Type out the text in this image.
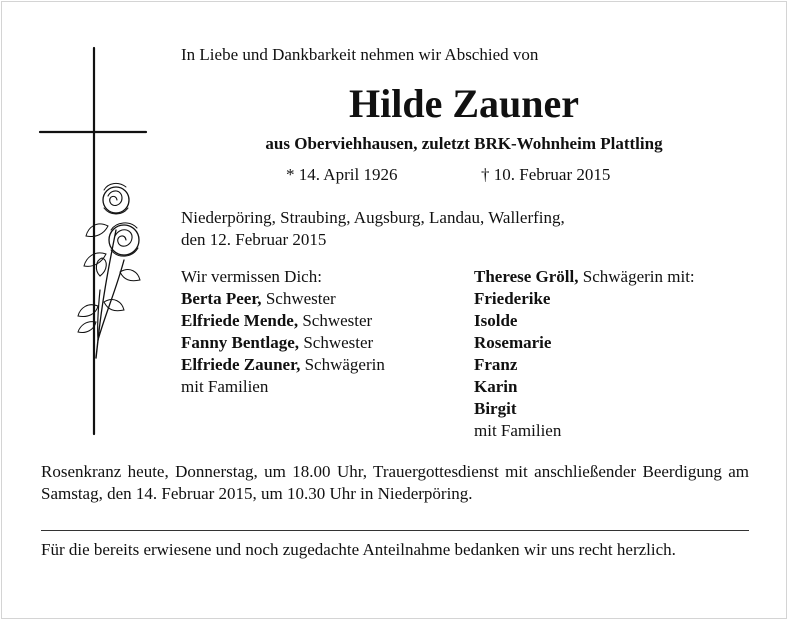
In Liebe und Dankbarkeit nehmen wir Abschied von
Hilde Zauner
aus Oberviehhausen, zuletzt BRK-Wohnheim Plattling
* 14. April 1926	† 10. Februar 2015
Niederpöring, Straubing, Augsburg, Landau, Wallerfing,
den 12. Februar 2015
Wir vermissen Dich:
Berta Peer, Schwester
Elfriede Mende, Schwester
Fanny Bentlage, Schwester
Elfriede Zauner, Schwägerin
mit Familien
Therese Gröll, Schwägerin mit:
Friederike
Isolde
Rosemarie
Franz
Karin
Birgit
mit Familien
Rosenkranz heute, Donnerstag, um 18.00 Uhr, Trauergottesdienst mit anschließender Beerdigung am Samstag, den 14. Februar 2015, um 10.30 Uhr in Niederpöring.
Für die bereits erwiesene und noch zugedachte Anteilnahme bedanken wir uns recht herzlich.
